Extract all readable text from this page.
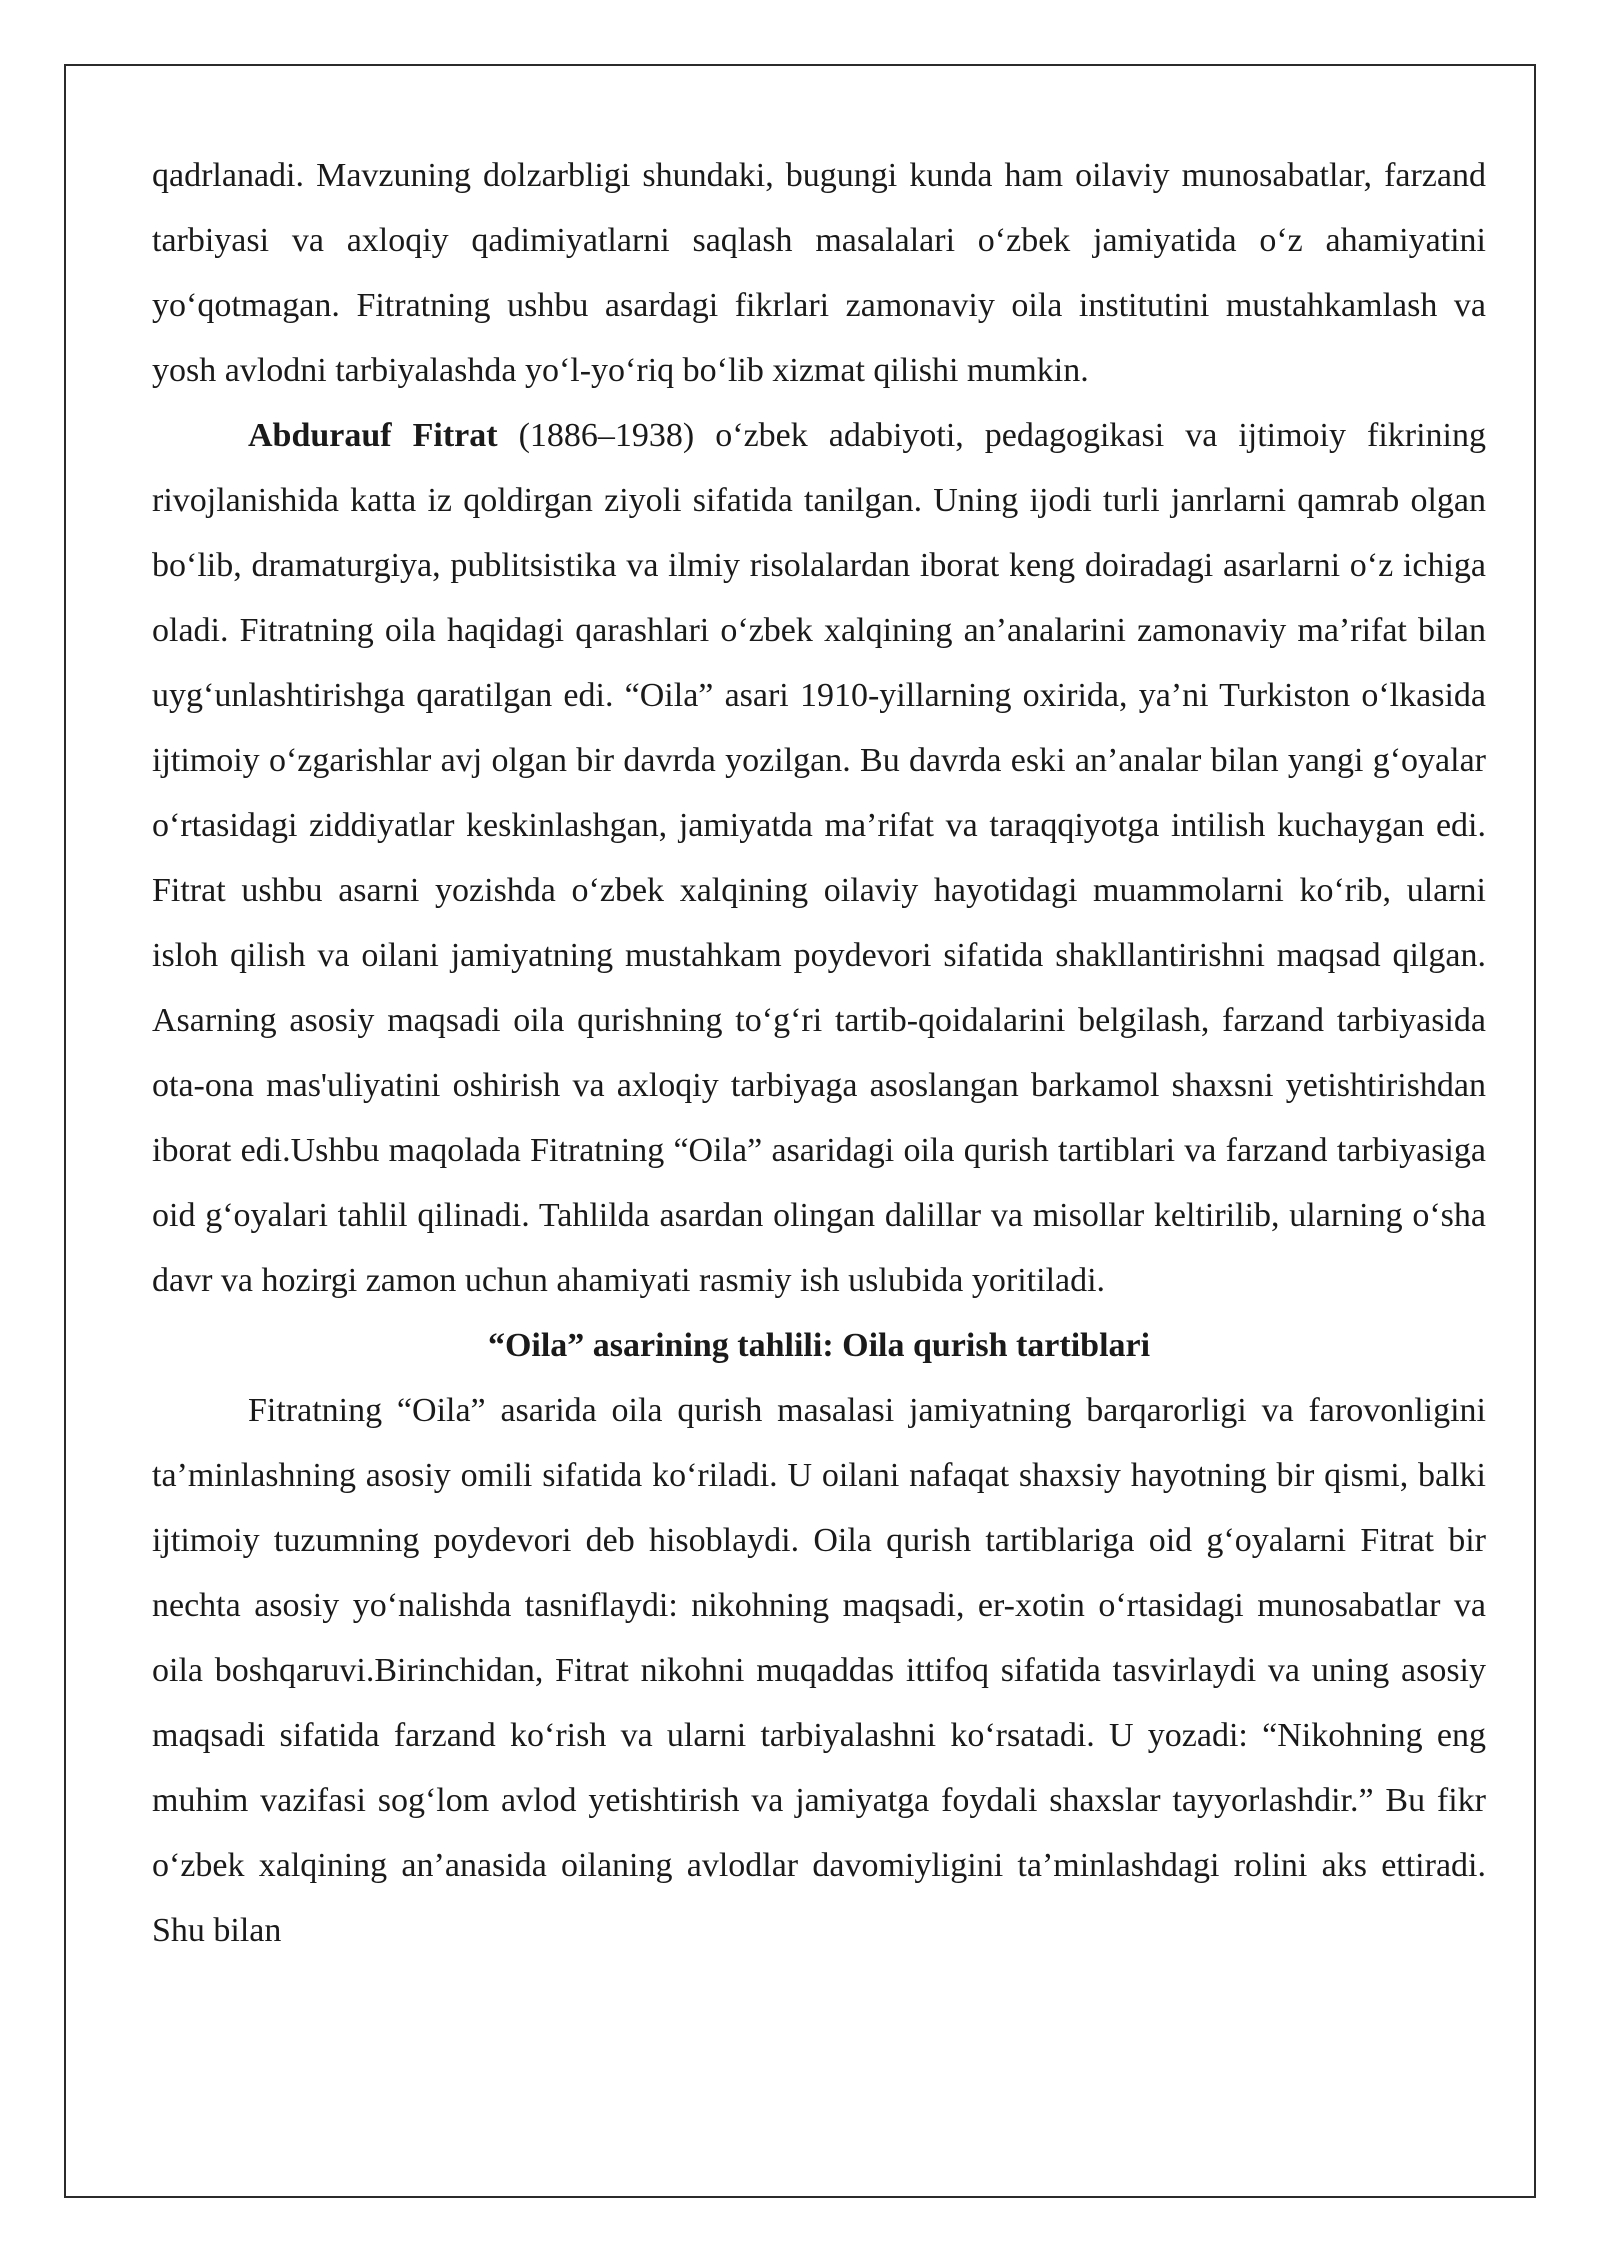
qadrlanadi. Mavzuning dolzarbligi shundaki, bugungi kunda ham oilaviy munosabatlar, farzand tarbiyasi va axloqiy qadimiyatlarni saqlash masalalari oʻzbek jamiyatida oʻz ahamiyatini yoʻqotmagan. Fitratning ushbu asardagi fikrlari zamonaviy oila institutini mustahkamlash va yosh avlodni tarbiyalashda yoʻl-yoʻriq boʻlib xizmat qilishi mumkin.

Abdurauf Fitrat (1886–1938) oʻzbek adabiyoti, pedagogikasi va ijtimoiy fikrining rivojlanishida katta iz qoldirgan ziyoli sifatida tanilgan. Uning ijodi turli janrlarni qamrab olgan boʻlib, dramaturgiya, publitsistika va ilmiy risolalardan iborat keng doiradagi asarlarni oʻz ichiga oladi. Fitratning oila haqidagi qarashlari oʻzbek xalqining an’analarini zamonaviy ma’rifat bilan uygʻunlashtirishga qaratilgan edi. “Oila” asari 1910-yillarning oxirida, ya’ni Turkiston oʻlkasida ijtimoiy oʻzgarishlar avj olgan bir davrda yozilgan. Bu davrda eski an’analar bilan yangi gʻoyalar oʻrtasidagi ziddiyatlar keskinlashgan, jamiyatda ma’rifat va taraqqiyotga intilish kuchaygan edi. Fitrat ushbu asarni yozishda oʻzbek xalqining oilaviy hayotidagi muammolarni koʻrib, ularni isloh qilish va oilani jamiyatning mustahkam poydevori sifatida shakllantirishni maqsad qilgan. Asarning asosiy maqsadi oila qurishning toʻgʻri tartib-qoidalarini belgilash, farzand tarbiyasida ota-ona mas'uliyatini oshirish va axloqiy tarbiyaga asoslangan barkamol shaxsni yetishtirishdan iborat edi.Ushbu maqolada Fitratning “Oila” asaridagi oila qurish tartiblari va farzand tarbiyasiga oid gʻoyalari tahlil qilinadi. Tahlilda asardan olingan dalillar va misollar keltirilib, ularning oʻsha davr va hozirgi zamon uchun ahamiyati rasmiy ish uslubida yoritiladi.

“Oila” asarining tahlili: Oila qurish tartiblari

Fitratning “Oila” asarida oila qurish masalasi jamiyatning barqarorligi va farovonligini ta’minlashning asosiy omili sifatida koʻriladi. U oilani nafaqat shaxsiy hayotning bir qismi, balki ijtimoiy tuzumning poydevori deb hisoblaydi. Oila qurish tartiblariga oid gʻoyalarni Fitrat bir nechta asosiy yoʻnalishda tasniflaydi: nikohning maqsadi, er-xotin oʻrtasidagi munosabatlar va oila boshqaruvi.Birinchidan, Fitrat nikohni muqaddas ittifoq sifatida tasvirlaydi va uning asosiy maqsadi sifatida farzand koʻrish va ularni tarbiyalashni koʻrsatadi. U yozadi: “Nikohning eng muhim vazifasi sogʻlom avlod yetishtirish va jamiyatga foydali shaxslar tayyorlashdir.” Bu fikr oʻzbek xalqining an’anasida oilaning avlodlar davomiyligini ta’minlashdagi rolini aks ettiradi. Shu bilan
